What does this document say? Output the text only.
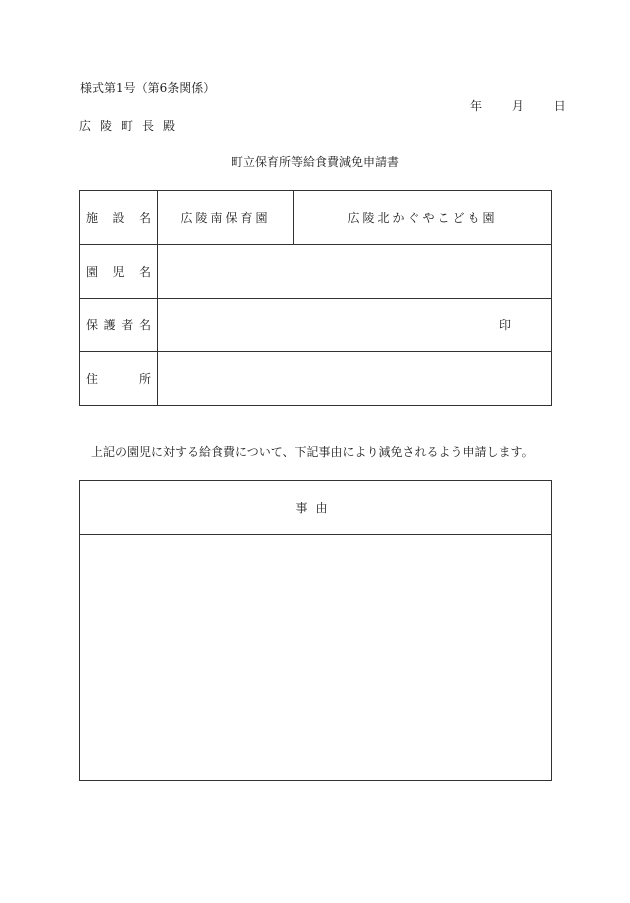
様式第1号（第6条関係）
年 月 日
広陵町長殿
町立保育所等給食費減免申請書
施 設 名	広陵南保育園	広陵北かぐやこども園

園 児 名		

保 護 者 名	印	

住 所		

上記の園児に対する給食費について、下記事由により減免されるよう申請します。
事由
